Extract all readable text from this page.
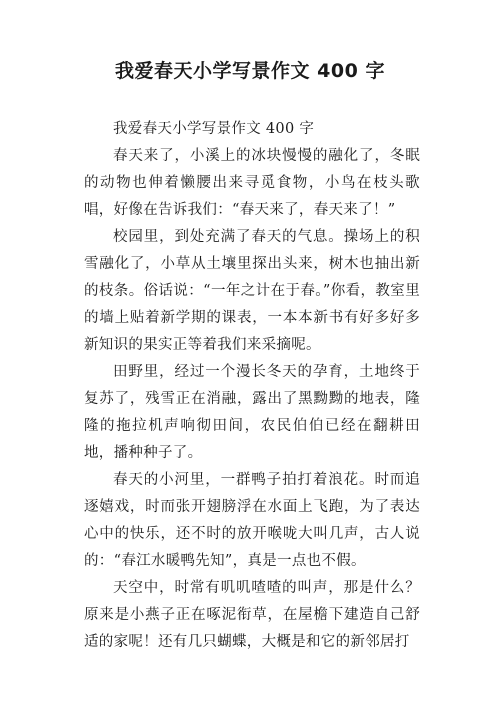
我爱春天小学写景作文 400 字

我爱春天小学写景作文 400 字

春天来了，小溪上的冰块慢慢的融化了，冬眠的动物也伸着懒腰出来寻觅食物，小鸟在枝头歌唱，好像在告诉我们：“春天来了，春天来了！”

校园里，到处充满了春天的气息。操场上的积雪融化了，小草从土壤里探出头来，树木也抽出新的枝条。俗话说：“一年之计在于春。”你看，教室里的墙上贴着新学期的课表，一本本新书有好多好多新知识的果实正等着我们来采摘呢。

田野里，经过一个漫长冬天的孕育，土地终于复苏了，残雪正在消融，露出了黑黝黝的地表，隆隆的拖拉机声响彻田间，农民伯伯已经在翻耕田地，播种种子了。

春天的小河里，一群鸭子拍打着浪花。时而追逐嬉戏，时而张开翅膀浮在水面上飞跑，为了表达心中的快乐，还不时的放开喉咙大叫几声，古人说的：“春江水暖鸭先知”，真是一点也不假。

天空中，时常有叽叽喳喳的叫声，那是什么？原来是小燕子正在啄泥衔草，在屋檐下建造自己舒适的家呢！还有几只蝴蝶，大概是和它的新邻居打
